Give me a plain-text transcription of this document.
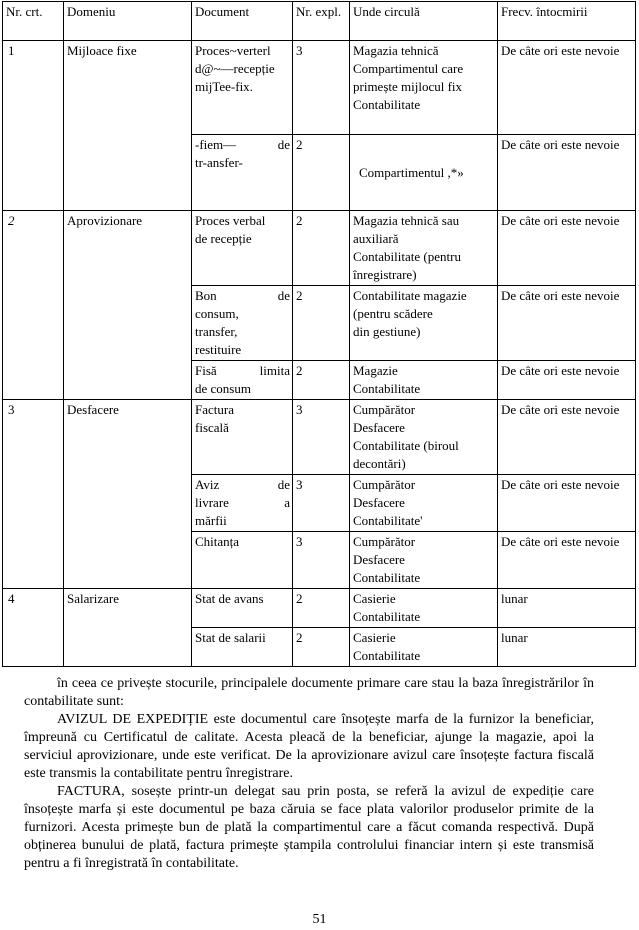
Nr. crt.	Domeniu	Document	Nr. expl.	Unde circulă	Frecv. întocmirii
1	Mijloace fixe	Proces~verterl
d@~—recepție
mijTee-fix.	3	Magazia tehnică
Compartimentul care
primește mijlocul fix
Contabilitate	De câte ori este nevoie

		-fiem— de
tr-ansfer-	2	Compartimentul ,*»	De câte ori este nevoie
2	Aprovizionare	Proces verbal
de recepție	2	Magazia tehnică sau
auxiliară
Contabilitate (pentru
înregistrare)	De câte ori este nevoie

		Bon de
consum,
transfer,
restituire	2	Contabilitate magazie
(pentru scădere
din gestiune)	De câte ori este nevoie

		Fisă limita
de consum	2	Magazie
Contabilitate	De câte ori este nevoie
3	Desfacere	Factura
fiscală	3	Cumpărător
Desfacere
Contabilitate (biroul
decontări)	De câte ori este nevoie

		Aviz de
livrare a
mărfii	3	Cumpărător
Desfacere
Contabilitate'	De câte ori este nevoie

		Chitanța	3	Cumpărător
Desfacere
Contabilitate	De câte ori este nevoie
4	Salarizare	Stat de avans	2	Casierie
Contabilitate	lunar

		Stat de salarii	2	Casierie
Contabilitate	lunar

în ceea ce privește stocurile, principalele documente primare care stau la baza înregistrărilor în contabilitate sunt:

AVIZUL DE EXPEDIȚIE este documentul care însoțește marfa de la furnizor la beneficiar, împreună cu Certificatul de calitate. Acesta pleacă de la beneficiar, ajunge la magazie, apoi la serviciul aprovizionare, unde este verificat. De la aprovizionare avizul care însoțește factura fiscală este transmis la contabilitate pentru înregistrare.

FACTURA, sosește printr-un delegat sau prin posta, se referă la avizul de expediție care însoțește marfa și este documentul pe baza căruia se face plata valorilor produselor primite de la furnizori. Acesta primește bun de plată la compartimentul care a făcut comanda respectivă. După obținerea bunului de plată, factura primește ștampila controlului financiar intern și este transmisă pentru a fi înregistrată în contabilitate.

51
